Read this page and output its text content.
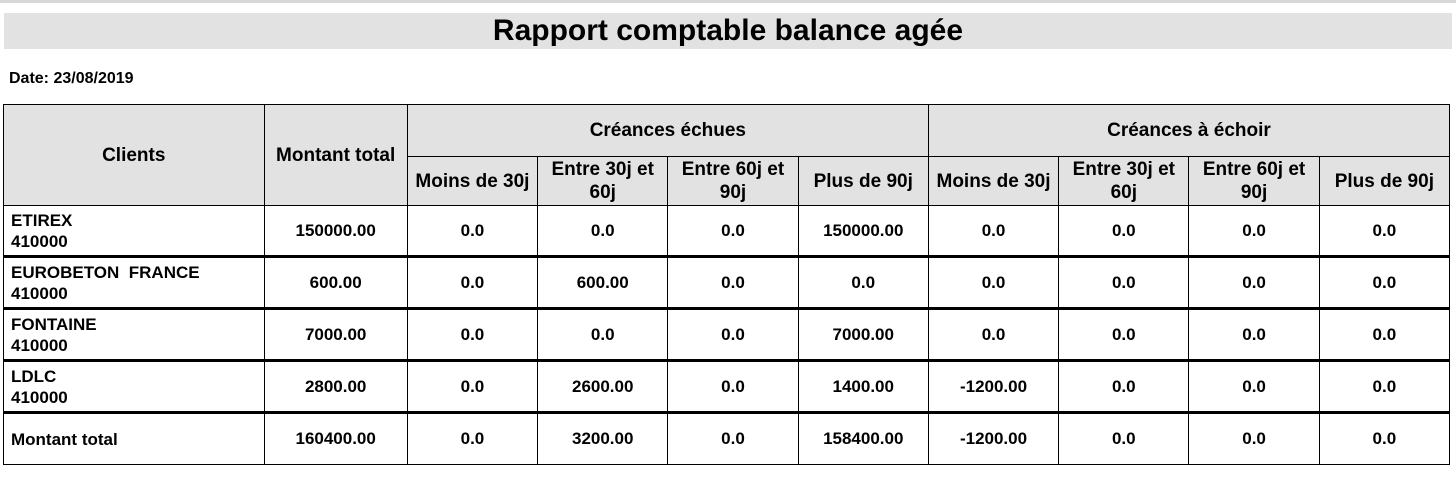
Rapport comptable balance agée
Date: 23/08/2019
Clients	Montant total	Créances échues				Créances à échoir			
		Moins de 30j	Entre 30j et 60j	Entre 60j et 90j	Plus de 90j	Moins de 30j	Entre 30j et 60j	Entre 60j et 90j	Plus de 90j

ETIREX
410000	150000.00	0.0	0.0	0.0	150000.00	0.0	0.0	0.0	0.0

EUROBETON  FRANCE
410000	600.00	0.0	600.00	0.0	0.0	0.0	0.0	0.0	0.0

FONTAINE
410000	7000.00	0.0	0.0	0.0	7000.00	0.0	0.0	0.0	0.0

LDLC
410000	2800.00	0.0	2600.00	0.0	1400.00	-1200.00	0.0	0.0	0.0
Montant total	160400.00	0.0	3200.00	0.0	158400.00	-1200.00	0.0	0.0	0.0
